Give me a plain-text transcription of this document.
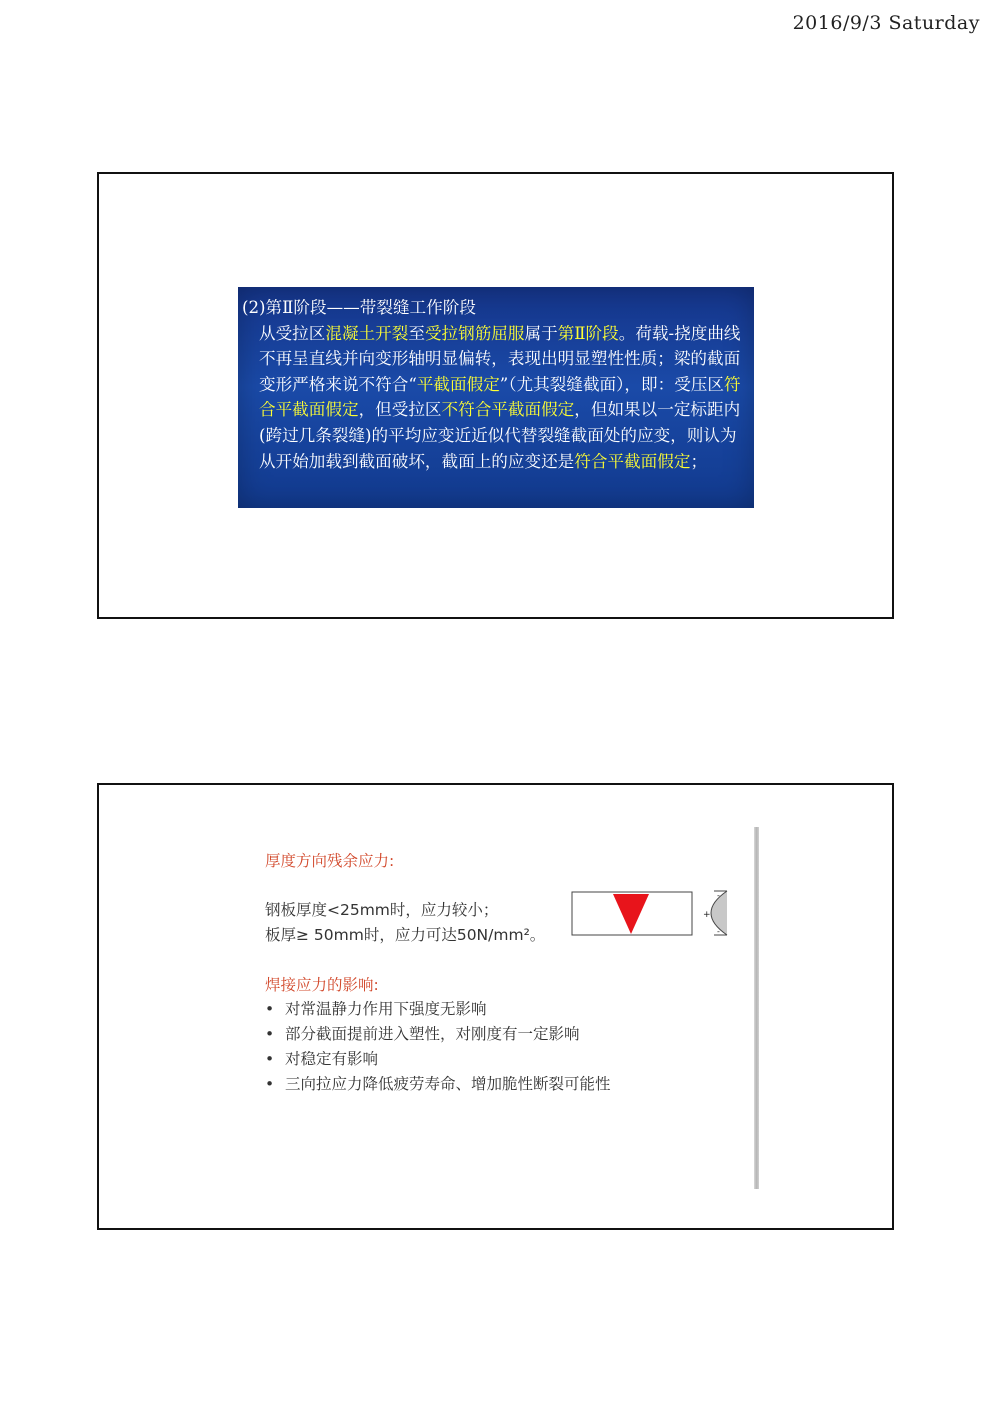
2016/9/3 Saturday
(2)第Ⅱ阶段——带裂缝工作阶段
从受拉区混凝土开裂至受拉钢筋屈服属于第Ⅱ阶段。荷载-挠度曲线不再呈直线并向变形轴明显偏转，表现出明显塑性性质；梁的截面变形严格来说不符合“平截面假定”（尤其裂缝截面），即：受压区符合平截面假定，但受拉区不符合平截面假定，但如果以一定标距内(跨过几条裂缝)的平均应变近近似代替裂缝截面处的应变，则认为从开始加载到截面破坏，截面上的应变还是符合平截面假定；
厚度方向残余应力:
钢板厚度<25mm时，应力较小；
板厚≥ 50mm时，应力可达50N/mm²。
+
-
-
焊接应力的影响:
• 对常温静力作用下强度无影响
• 部分截面提前进入塑性，对刚度有一定影响
• 对稳定有影响
• 三向拉应力降低疲劳寿命、增加脆性断裂可能性
